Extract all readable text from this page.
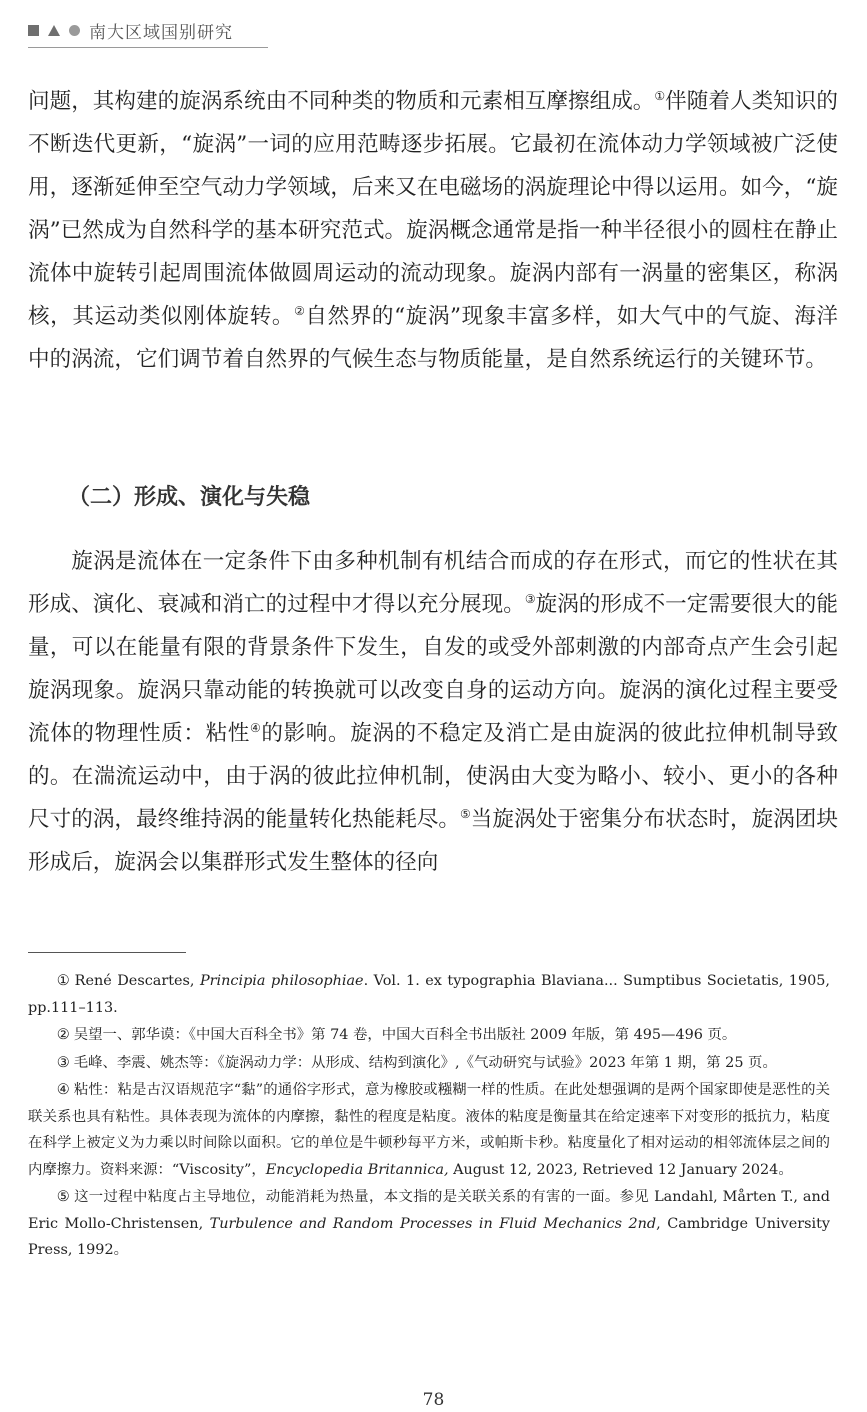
南大区域国别研究

问题，其构建的旋涡系统由不同种类的物质和元素相互摩擦组成。①伴随着人类知识的不断迭代更新，“旋涡”一词的应用范畴逐步拓展。它最初在流体动力学领域被广泛使用，逐渐延伸至空气动力学领域，后来又在电磁场的涡旋理论中得以运用。如今，“旋涡”已然成为自然科学的基本研究范式。旋涡概念通常是指一种半径很小的圆柱在静止流体中旋转引起周围流体做圆周运动的流动现象。旋涡内部有一涡量的密集区，称涡核，其运动类似刚体旋转。②自然界的“旋涡”现象丰富多样，如大气中的气旋、海洋中的涡流，它们调节着自然界的气候生态与物质能量，是自然系统运行的关键环节。

（二）形成、演化与失稳

旋涡是流体在一定条件下由多种机制有机结合而成的存在形式，而它的性状在其形成、演化、衰减和消亡的过程中才得以充分展现。③旋涡的形成不一定需要很大的能量，可以在能量有限的背景条件下发生，自发的或受外部刺激的内部奇点产生会引起旋涡现象。旋涡只靠动能的转换就可以改变自身的运动方向。旋涡的演化过程主要受流体的物理性质：粘性④的影响。旋涡的不稳定及消亡是由旋涡的彼此拉伸机制导致的。在湍流运动中，由于涡的彼此拉伸机制，使涡由大变为略小、较小、更小的各种尺寸的涡，最终维持涡的能量转化热能耗尽。⑤当旋涡处于密集分布状态时，旋涡团块形成后，旋涡会以集群形式发生整体的径向

① René Descartes, Principia philosophiae. Vol. 1. ex typographia Blaviana... Sumptibus Societatis, 1905, pp.111–113.

② 吴望一、郭华谟：《中国大百科全书》第 74 卷，中国大百科全书出版社 2009 年版，第 495—496 页。

③ 毛峰、李震、姚杰等：《旋涡动力学：从形成、结构到演化》,《气动研究与试验》2023 年第 1 期，第 25 页。

④ 粘性：粘是古汉语规范字“黏”的通俗字形式，意为橡胶或糨糊一样的性质。在此处想强调的是两个国家即使是恶性的关联关系也具有粘性。具体表现为流体的内摩擦，黏性的程度是粘度。液体的粘度是衡量其在给定速率下对变形的抵抗力，粘度在科学上被定义为力乘以时间除以面积。它的单位是牛顿秒每平方米，或帕斯卡秒。粘度量化了相对运动的相邻流体层之间的内摩擦力。资料来源：“Viscosity”，Encyclopedia Britannica, August 12, 2023, Retrieved 12 January 2024。

⑤ 这一过程中粘度占主导地位，动能消耗为热量，本文指的是关联关系的有害的一面。参见 Landahl, Mårten T., and Eric Mollo-Christensen, Turbulence and Random Processes in Fluid Mechanics 2nd, Cambridge University Press, 1992。

78
